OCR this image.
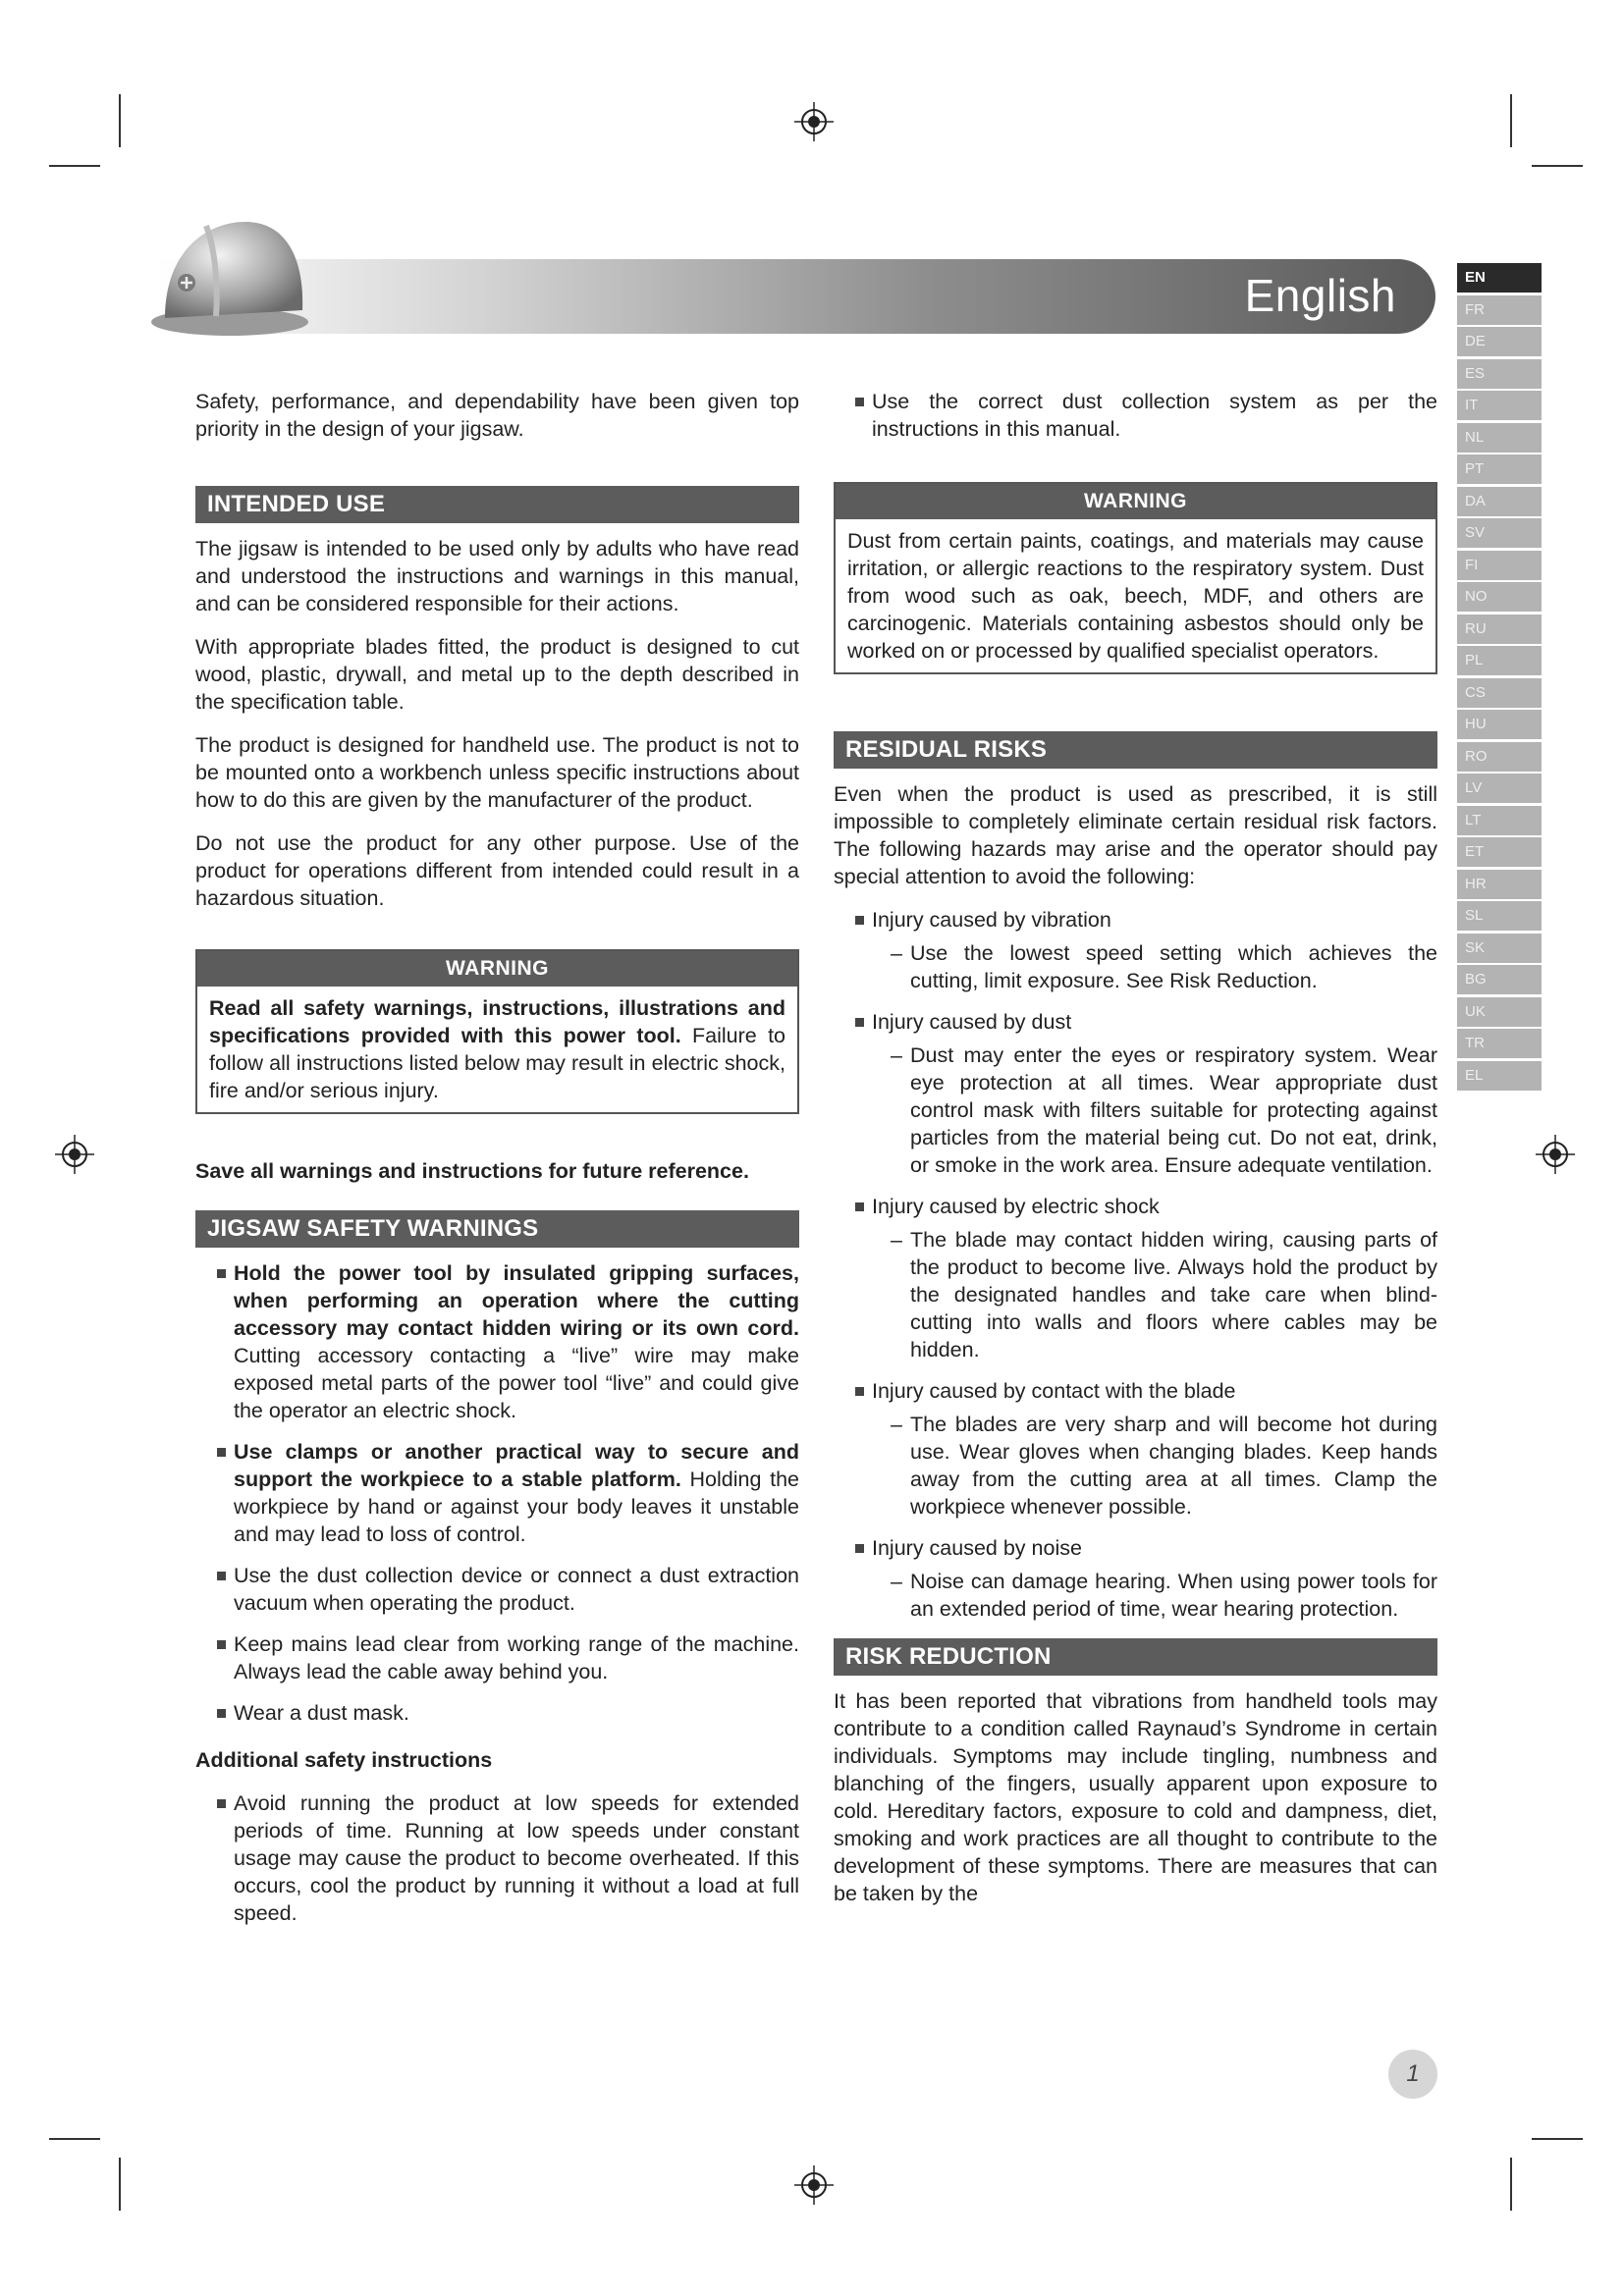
English	EN
FR
DE
ES
IT
NL
PT
DA
SV
FI
NO
RU
PL
CS
HU
RO
LV
LT
ET
HR
SL
SK
BG
UK
TR
EL

Safety, performance, and dependability have been given top priority in the design of your jigsaw.

INTENDED USE

The jigsaw is intended to be used only by adults who have read and understood the instructions and warnings in this manual, and can be considered responsible for their actions.

With appropriate blades fitted, the product is designed to cut wood, plastic, drywall, and metal up to the depth described in the specification table.

The product is designed for handheld use. The product is not to be mounted onto a workbench unless specific instructions about how to do this are given by the manufacturer of the product.

Do not use the product for any other purpose. Use of the product for operations different from intended could result in a hazardous situation.

WARNING
Read all safety warnings, instructions, illustrations and specifications provided with this power tool. Failure to follow all instructions listed below may result in electric shock, fire and/or serious injury.

Save all warnings and instructions for future reference.

JIGSAW SAFETY WARNINGS
Hold the power tool by insulated gripping surfaces, when performing an operation where the cutting accessory may contact hidden wiring or its own cord. Cutting accessory contacting a “live” wire may make exposed metal parts of the power tool “live” and could give the operator an electric shock.
Use clamps or another practical way to secure and support the workpiece to a stable platform. Holding the workpiece by hand or against your body leaves it unstable and may lead to loss of control.
Use the dust collection device or connect a dust extraction vacuum when operating the product.
Keep mains lead clear from working range of the machine. Always lead the cable away behind you.
Wear a dust mask.

Additional safety instructions

Avoid running the product at low speeds for extended periods of time. Running at low speeds under constant usage may cause the product to become overheated. If this occurs, cool the product by running it without a load at full speed.
Use the correct dust collection system as per the instructions in this manual.
WARNING
Dust from certain paints, coatings, and materials may cause irritation, or allergic reactions to the respiratory system. Dust from wood such as oak, beech, MDF, and others are carcinogenic. Materials containing asbestos should only be worked on or processed by qualified specialist operators.
RESIDUAL RISKS

Even when the product is used as prescribed, it is still impossible to completely eliminate certain residual risk factors. The following hazards may arise and the operator should pay special attention to avoid the following:

Injury caused by vibration
– Use the lowest speed setting which achieves the cutting, limit exposure. See Risk Reduction.
Injury caused by dust
– Dust may enter the eyes or respiratory system. Wear eye protection at all times. Wear appropriate dust control mask with filters suitable for protecting against particles from the material being cut. Do not eat, drink, or smoke in the work area. Ensure adequate ventilation.
Injury caused by electric shock
– The blade may contact hidden wiring, causing parts of the product to become live. Always hold the product by the designated handles and take care when blind-cutting into walls and floors where cables may be hidden.
Injury caused by contact with the blade
– The blades are very sharp and will become hot during use. Wear gloves when changing blades. Keep hands away from the cutting area at all times. Clamp the workpiece whenever possible.
Injury caused by noise
– Noise can damage hearing. When using power tools for an extended period of time, wear hearing protection.
RISK REDUCTION

It has been reported that vibrations from handheld tools may contribute to a condition called Raynaud’s Syndrome in certain individuals. Symptoms may include tingling, numbness and blanching of the fingers, usually apparent upon exposure to cold. Hereditary factors, exposure to cold and dampness, diet, smoking and work practices are all thought to contribute to the development of these symptoms. There are measures that can be taken by the

1
